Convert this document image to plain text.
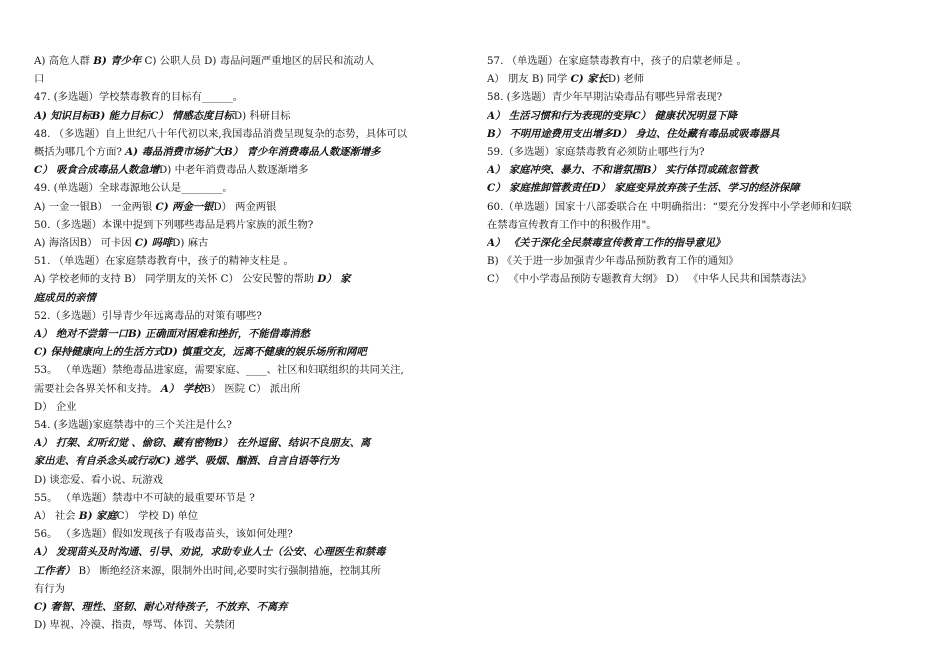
A) 高危人群 B) 青少年 C) 公职人员 D) 毒品问题严重地区的居民和流动人
口
47. (多选题）学校禁毒教育的目标有______。
A) 知识目标B) 能力目标C） 情感态度目标D) 科研目标
48. （多选题）自上世纪八十年代初以来,我国毒品消费呈现复杂的态势，具体可以
概括为哪几个方面? A) 毒品消费市场扩大B） 青少年消费毒品人数逐渐增多
C） 吸食合成毒品人数急增D) 中老年消费毒品人数逐渐增多
49. (单选题）全球毒源地公认是________。
A) 一金一银B） 一金两银 C) 两金一银D） 两金两银
50.（多选题）本课中提到下列哪些毒品是鸦片家族的派生物?
A) 海洛因B） 可卡因 C) 吗啡D) 麻古
51. （单选题）在家庭禁毒教育中，孩子的精神支柱是 。
A) 学校老师的支持 B） 同学朋友的关怀 C） 公安民警的帮助 D） 家
庭成员的亲情
52.（多选题）引导青少年远离毒品的对策有哪些?
A） 绝对不尝第一口B) 正确面对困难和挫折，不能借毒消愁
C) 保持健康向上的生活方式D) 慎重交友，远离不健康的娱乐场所和网吧
53。 （单选题）禁绝毒品进家庭，需要家庭、____、社区和妇联组织的共同关注,
需要社会各界关怀和支持。 A） 学校B） 医院 C） 派出所
D） 企业
54. (多选题)家庭禁毒中的三个关注是什么?
A） 打架、幻听幻觉 、偷窃、藏有密物B） 在外逗留、结识不良朋友、离
家出走、有自杀念头或行动C) 逃学、吸烟、酗酒、自言自语等行为
D) 谈恋爱、看小说、玩游戏
55。 （单选题）禁毒中不可缺的最重要环节是 ?
A） 社会 B) 家庭C） 学校 D) 单位
56。 （多选题）假如发现孩子有吸毒苗头，该如何处理?
A） 发现苗头及时沟通、引导、劝说，求助专业人士（公安、心理医生和禁毒
工作者） B） 断绝经济来源，限制外出时间,必要时实行强制措施，控制其所
有行为
C) 奢智、理性、坚韧、耐心对待孩子，不放弃、不离弃
D) 卑视、冷漠、指责，辱骂、体罚、关禁闭
57. （单选题）在家庭禁毒教育中，孩子的启蒙老师是 。
A） 朋友 B) 同学 C) 家长D) 老师
58. (多选题）青少年早期沾染毒品有哪些异常表现?
A） 生活习惯和行为表现的变异C） 健康状况明显下降
B） 不明用途费用支出增多D） 身边、住处藏有毒品或吸毒器具
59.（多选题）家庭禁毒教育必须防止哪些行为?
A） 家庭冲突、暴力、不和谐氛围B） 实行体罚或疏忽管教
C） 家庭推卸管教责任D） 家庭变异放弃孩子生活、学习的经济保障
60.（单选题）国家十八部委联合在 中明确指出：“要充分发挥中小学老师和妇联
在禁毒宣传教育工作中的积极作用"。
A） 《关于深化全民禁毒宣传教育工作的指导意见》
B) 《关于进一步加强青少年毒品预防教育工作的通知》
C） 《中小学毒品预防专题教育大纲》 D） 《中华人民共和国禁毒法》
